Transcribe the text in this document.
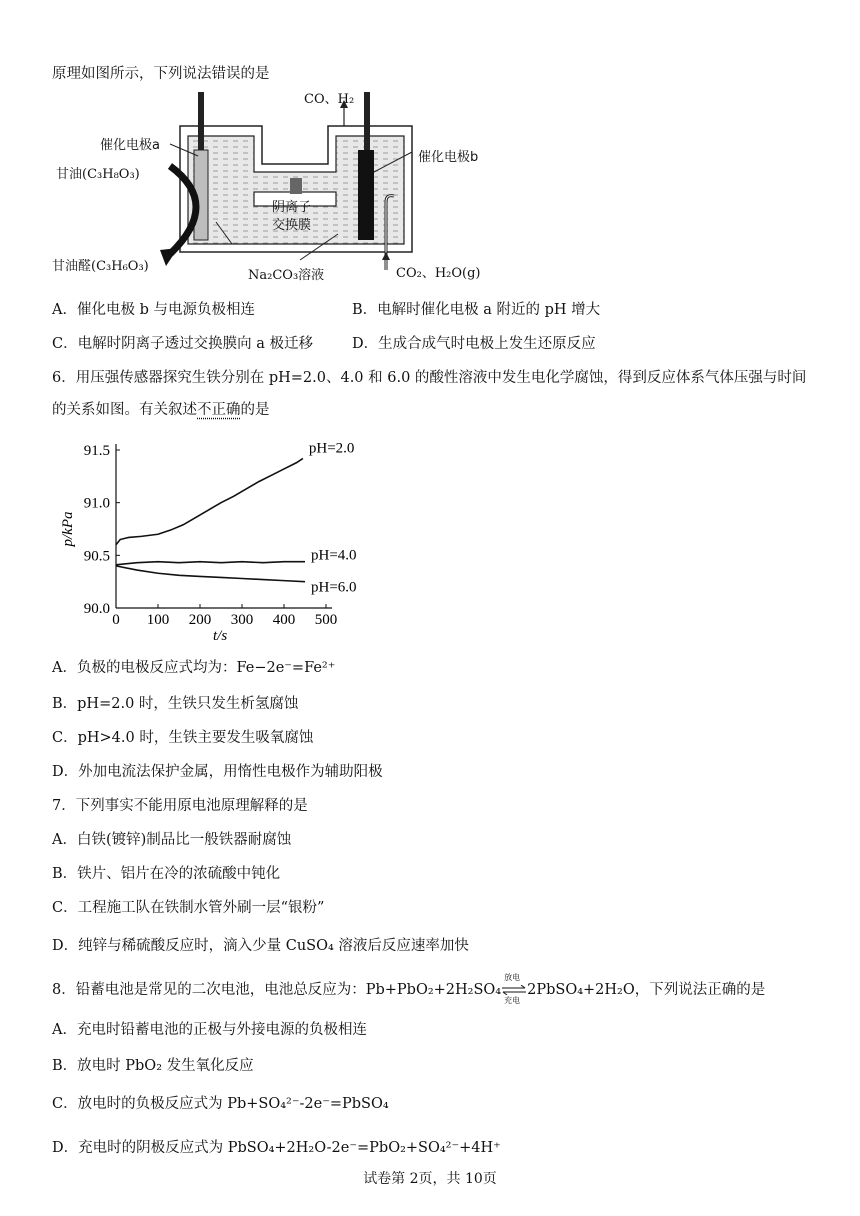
原理如图所示，下列说法错误的是
催化电极a
催化电极b
甘油(C₃H₈O₃)
甘油醛(C₃H₆O₃)
阴离子
交换膜
Na₂CO₃溶液
CO、H₂
CO₂、H₂O(g)
A．催化电极 b 与电源负极相连	B．电解时催化电极 a 附近的 pH 增大
C．电解时阴离子透过交换膜向 a 极迁移	D．生成合成气时电极上发生还原反应
6．用压强传感器探究生铁分别在 pH=2.0、4.0 和 6.0 的酸性溶液中发生电化学腐蚀，得到反应体系气体压强与时间
的关系如图。有关叙述不正确的是
0 100 200 300 400 500
90.0
90.5
91.0
91.5
t/s
p/kPa
pH=2.0
pH=4.0
pH=6.0
A．负极的电极反应式均为：Fe−2e⁻=Fe²⁺
B．pH=2.0 时，生铁只发生析氢腐蚀
C．pH>4.0 时，生铁主要发生吸氧腐蚀
D．外加电流法保护金属，用惰性电极作为辅助阳极
7．下列事实不能用原电池原理解释的是
A．白铁(镀锌)制品比一般铁器耐腐蚀
B．铁片、铝片在冷的浓硫酸中钝化
C．工程施工队在铁制水管外刷一层“银粉”
D．纯锌与稀硫酸反应时，滴入少量 CuSO₄ 溶液后反应速率加快
8．铅蓄电池是常见的二次电池，电池总反应为：Pb+PbO₂+2H₂SO₄
放电
充电
2PbSO₄+2H₂O，下列说法正确的是
A．充电时铅蓄电池的正极与外接电源的负极相连
B．放电时 PbO₂ 发生氧化反应
C．放电时的负极反应式为 Pb+SO₄²⁻-2e⁻=PbSO₄
D．充电时的阴极反应式为 PbSO₄+2H₂O-2e⁻=PbO₂+SO₄²⁻+4H⁺
试卷第 2页，共 10页
